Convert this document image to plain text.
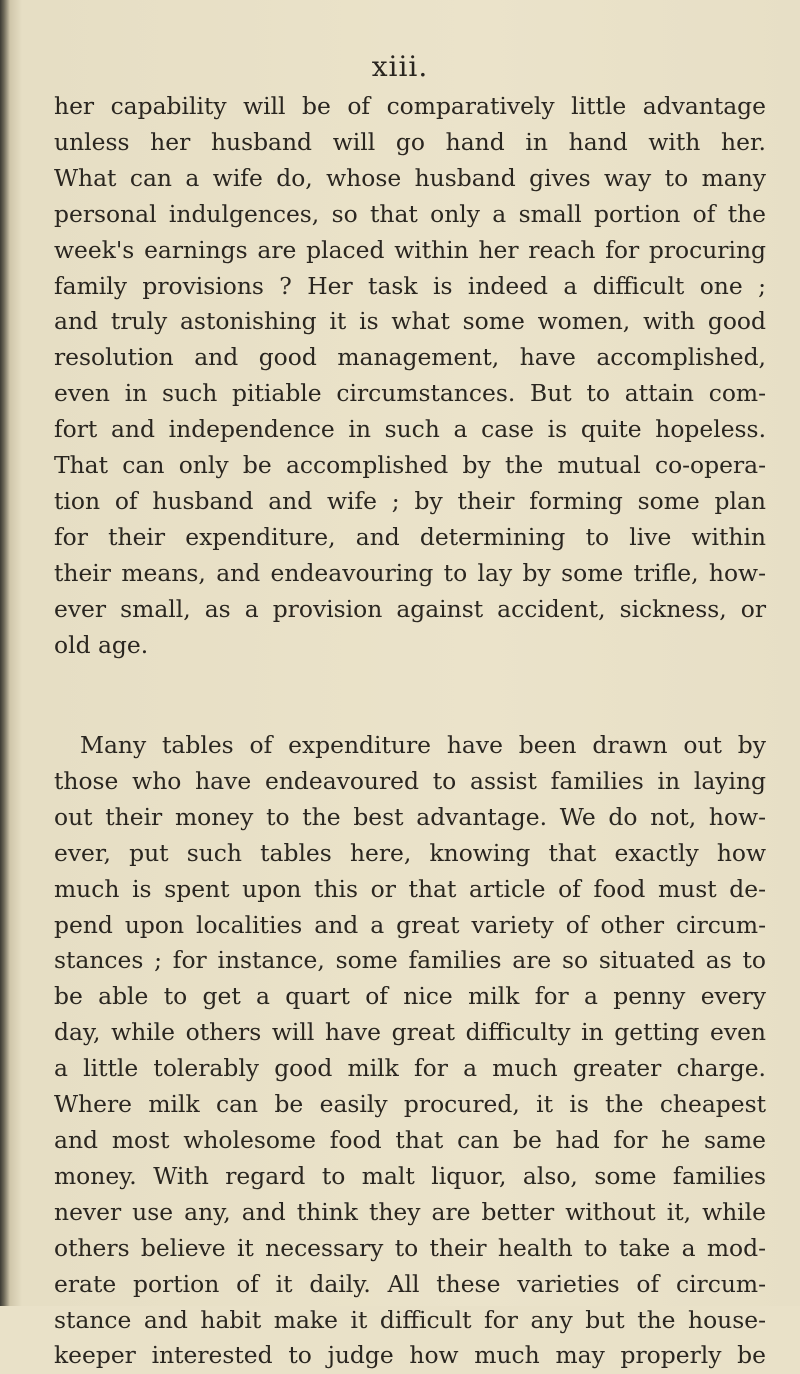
xiii.
her capability will be of comparatively little advantage
unless her husband will go hand in hand with her.
What can a wife do, whose husband gives way to many
personal indulgences, so that only a small portion of the
week's earnings are placed within her reach for procuring
family provisions ? Her task is indeed a difficult one ;
and truly astonishing it is what some women, with good
resolution and good management, have accomplished,
even in such pitiable circumstances. But to attain com-
fort and independence in such a case is quite hopeless.
That can only be accomplished by the mutual co-opera-
tion of husband and wife ; by their forming some plan
for their expenditure, and determining to live within
their means, and endeavouring to lay by some trifle, how-
ever small, as a provision against accident, sickness, or
old age.
Many tables of expenditure have been drawn out by
those who have endeavoured to assist families in laying
out their money to the best advantage. We do not, how-
ever, put such tables here, knowing that exactly how
much is spent upon this or that article of food must de-
pend upon localities and a great variety of other circum-
stances ; for instance, some families are so situated as to
be able to get a quart of nice milk for a penny every
day, while others will have great difficulty in getting even
a little tolerably good milk for a much greater charge.
Where milk can be easily procured, it is the cheapest
and most wholesome food that can be had for he same
money. With regard to malt liquor, also, some families
never use any, and think they are better without it, while
others believe it necessary to their health to take a mod-
erate portion of it daily. All these varieties of circum-
stance and habit make it difficult for any but the house-
keeper interested to judge how much may properly be
